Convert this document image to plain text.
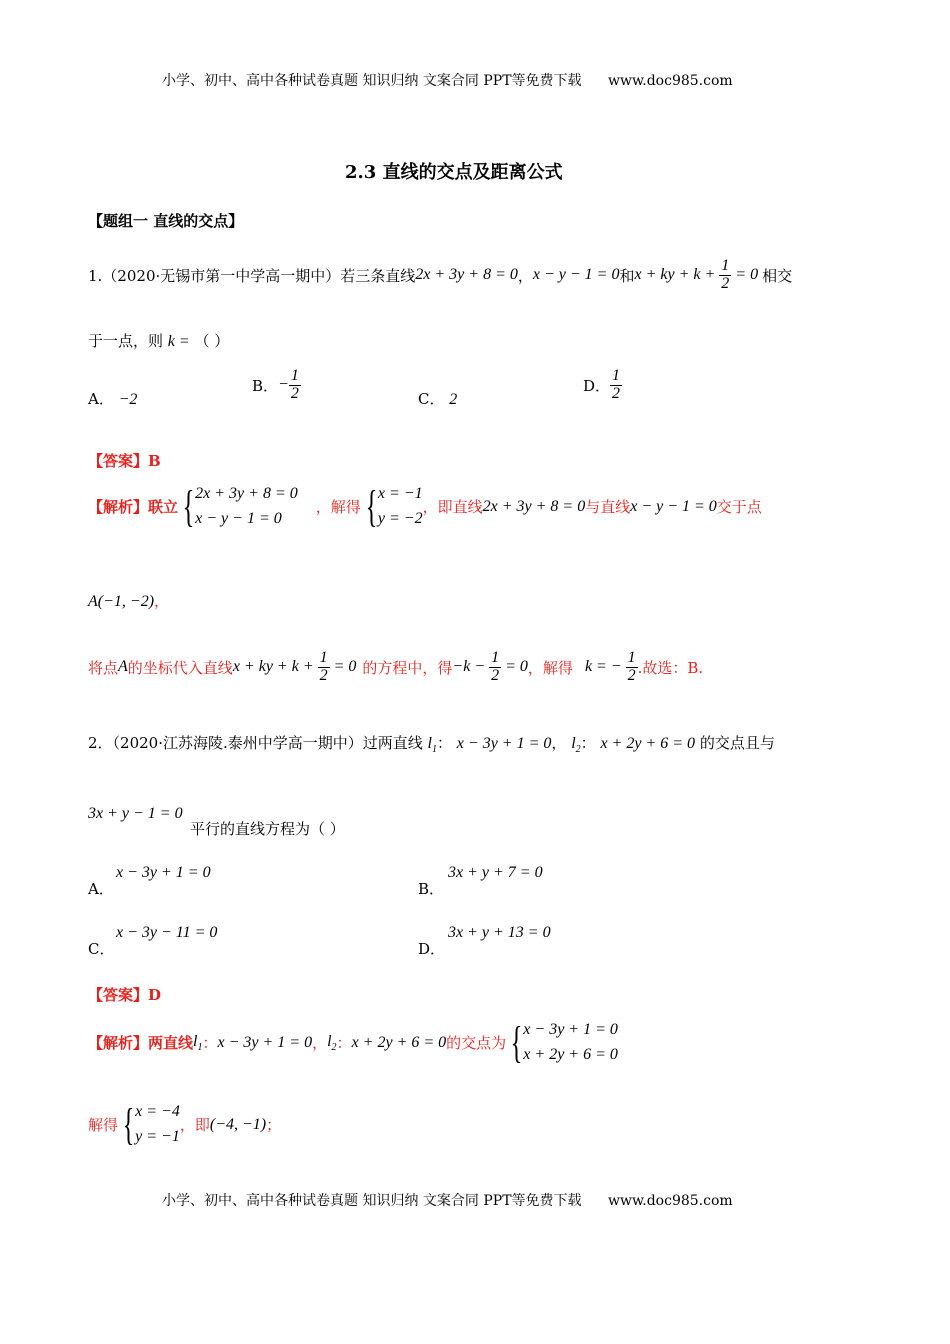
小学、初中、高中各种试卷真题 知识归纳 文案合同 PPT等免费下载 www.doc985.com
2.3 直线的交点及距离公式
【题组一 直线的交点】
1.（2020·无锡市第一中学高一期中）若三条直线 2x + 3y + 8 = 0 ， x − y − 1 = 0 和 x + ky + $k + \frac{1}{2} = 0$ 相交
于一点，则 k = （ ）
A． −2
B． − $\frac{1}{2}$	C． 2
D． $\frac{1}{2}$
【答案】B
【解析】联立 { 2x + 3y + 8 = 0
x − y − 1 = 0
，解得 { x = −1
y = −2
，即直线 2x + 3y + 8 = 0 与直线 x − y − 1 = 0 交于点
A(−1, −2)，
将点 A 的坐标代入直线 x + ky + $k + \frac{1}{2} = 0$ 的方程中，得 $-k - \frac{1}{2} = 0$ ，解得 k = − $\frac{1}{2}$ .故选：B.
2．（2020·江苏海陵.泰州中学高一期中）过两直线 $l_1$： x − 3y + 1 = 0， $l_2$： x + 2y + 6 = 0 的交点且与
3x + y − 1 = 0
平行的直线方程为（ ）
x − 3y + 1 = 0
A．
3x + y + 7 = 0
B．
x − 3y − 11 = 0
C．
3x + y + 13 = 0
D．
【答案】D
【解析】两直线 $l_1$ ： x − 3y + 1 = 0 ， $l_2$ ： x + 2y + 6 = 0 的交点为 { x − 3y + 1 = 0
x + 2y + 6 = 0
解得 { x = −4
y = −1
，即 (−4, −1) ；
小学、初中、高中各种试卷真题 知识归纳 文案合同 PPT等免费下载 www.doc985.com
